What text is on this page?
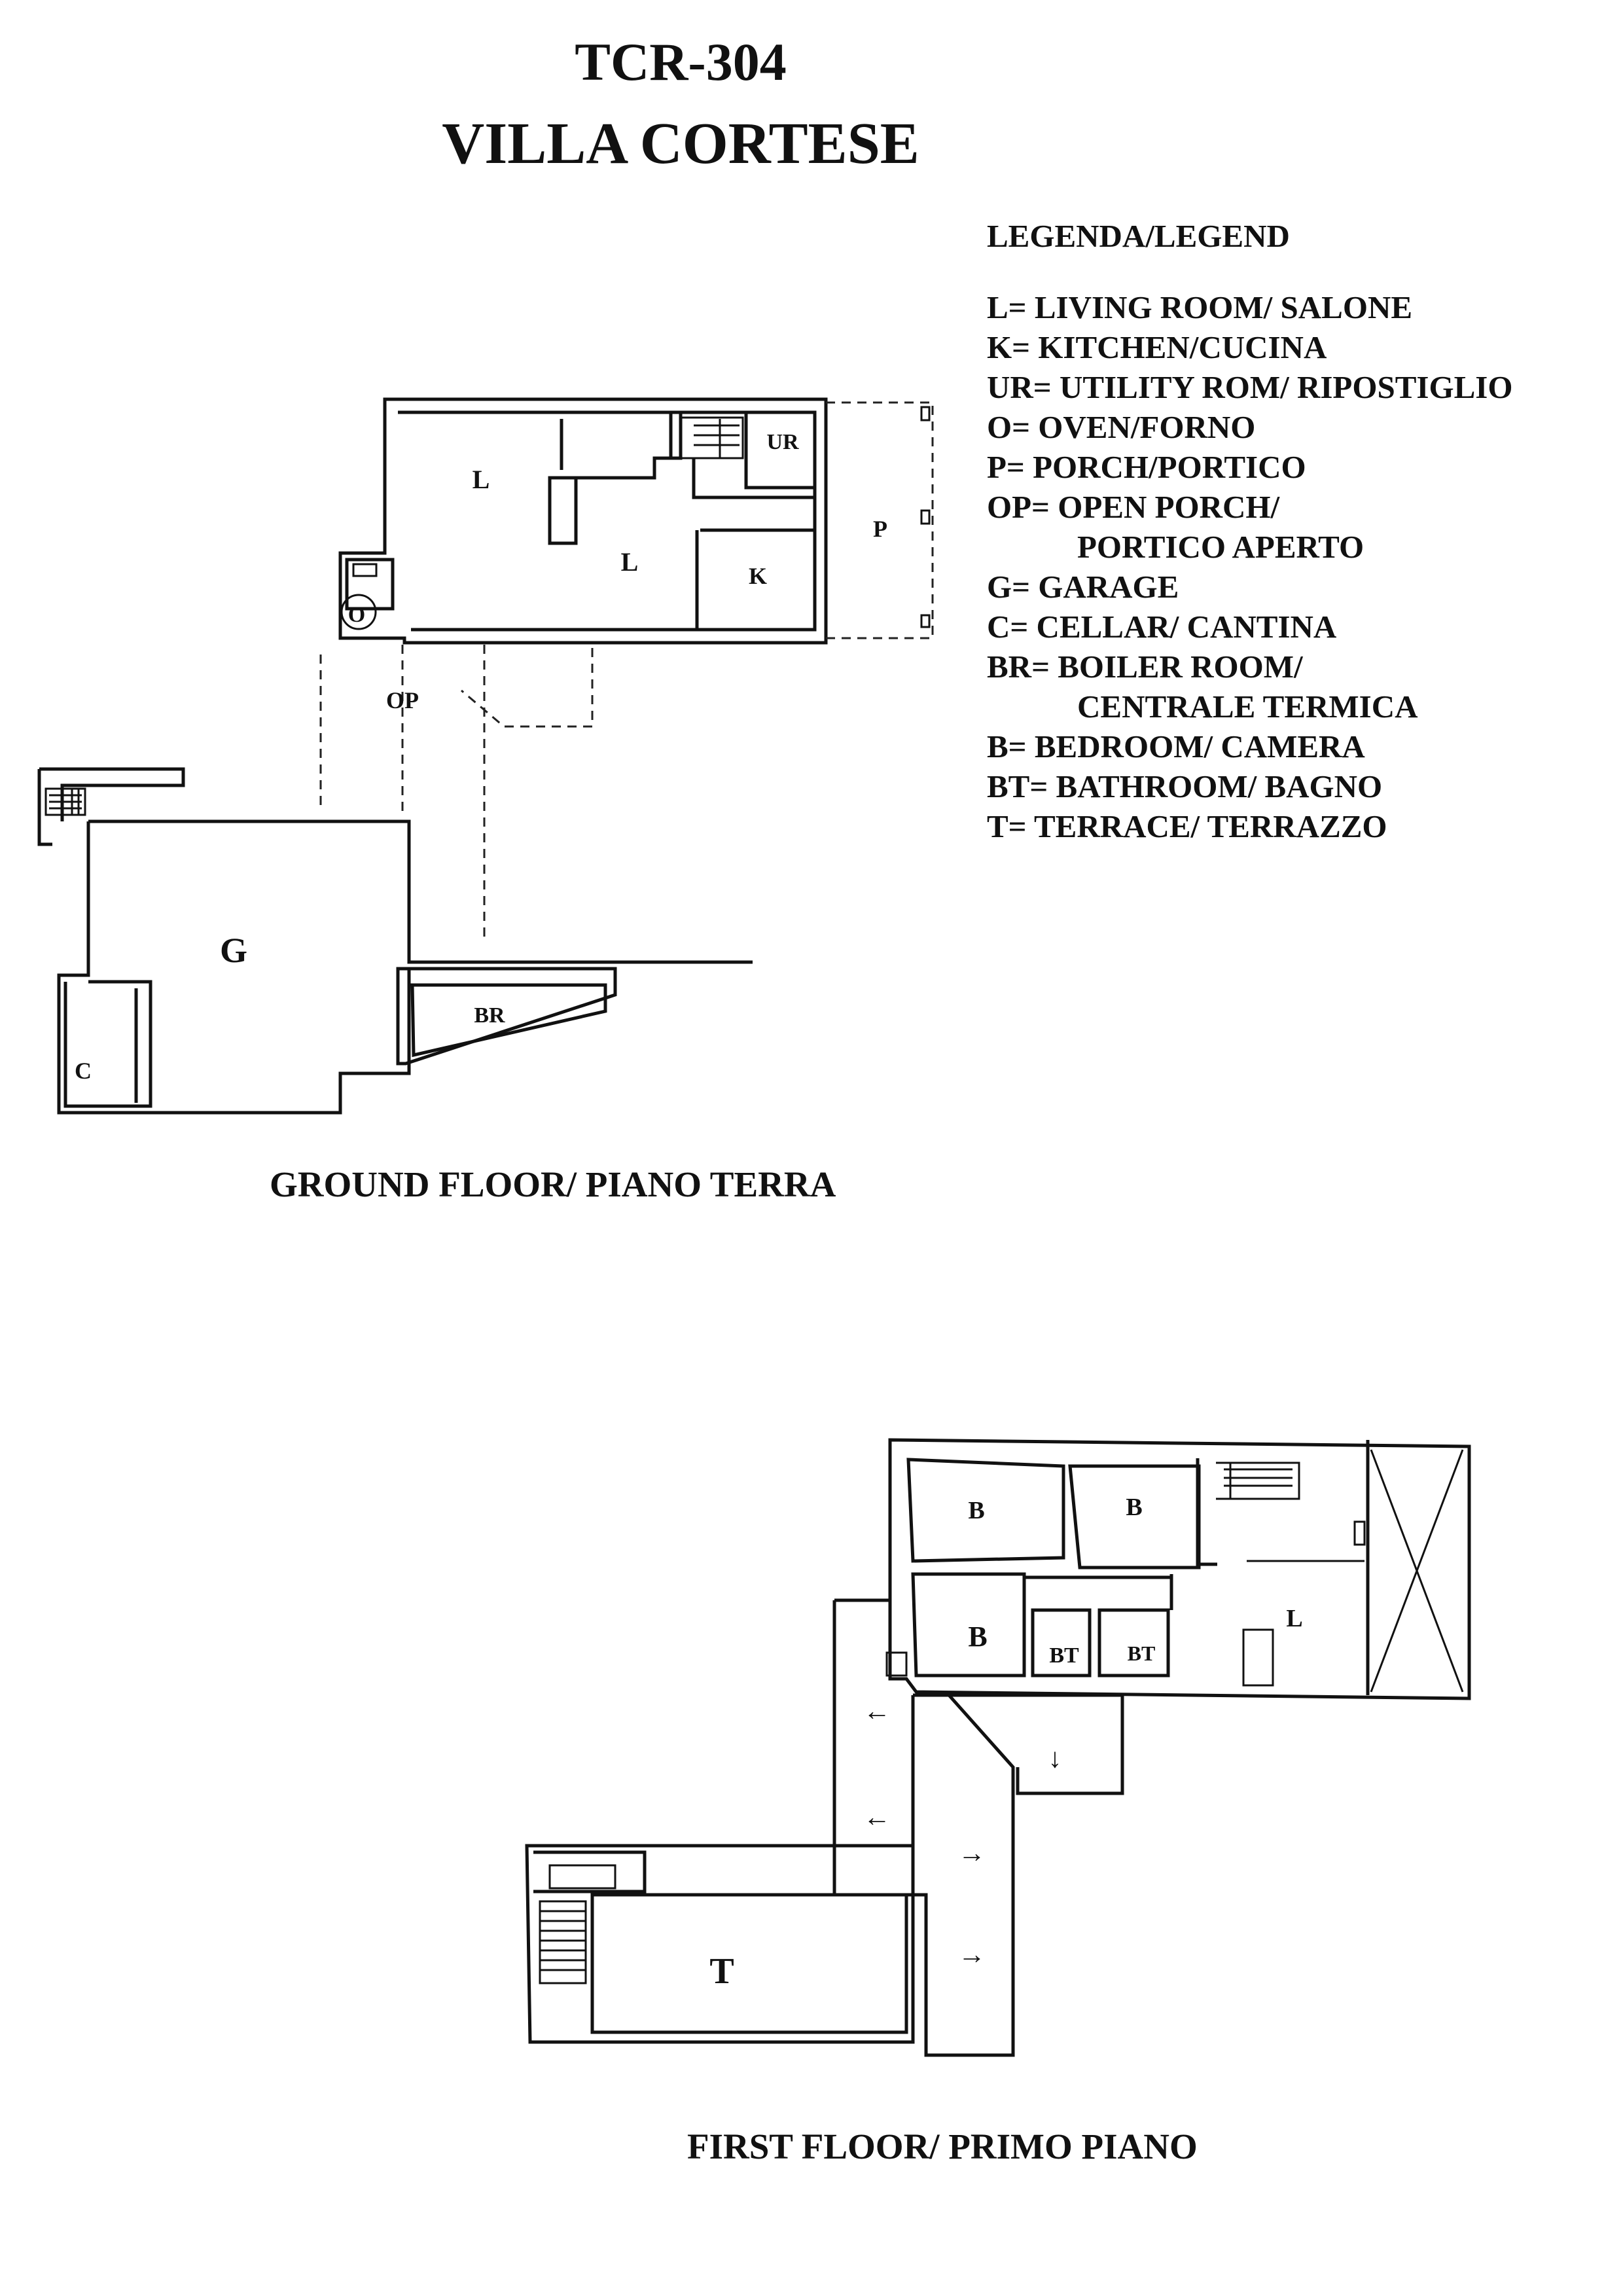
TCR-304
VILLA CORTESE
LEGENDA/LEGEND
L= LIVING ROOM/ SALONE
K= KITCHEN/CUCINA
UR= UTILITY ROM/ RIPOSTIGLIO
O= OVEN/FORNO
P= PORCH/PORTICO
OP= OPEN PORCH/
PORTICO APERTO
G= GARAGE
C= CELLAR/ CANTINA
BR= BOILER ROOM/
CENTRALE TERMICA
B= BEDROOM/ CAMERA
BT= BATHROOM/ BAGNO
T= TERRACE/ TERRAZZO
L
L
UR
P
K
O
OP
G
BR
C
B	B
B
BT BT
L
T
←
←
→
→
↓

GROUND FLOOR/ PIANO TERRA

FIRST FLOOR/ PRIMO PIANO
